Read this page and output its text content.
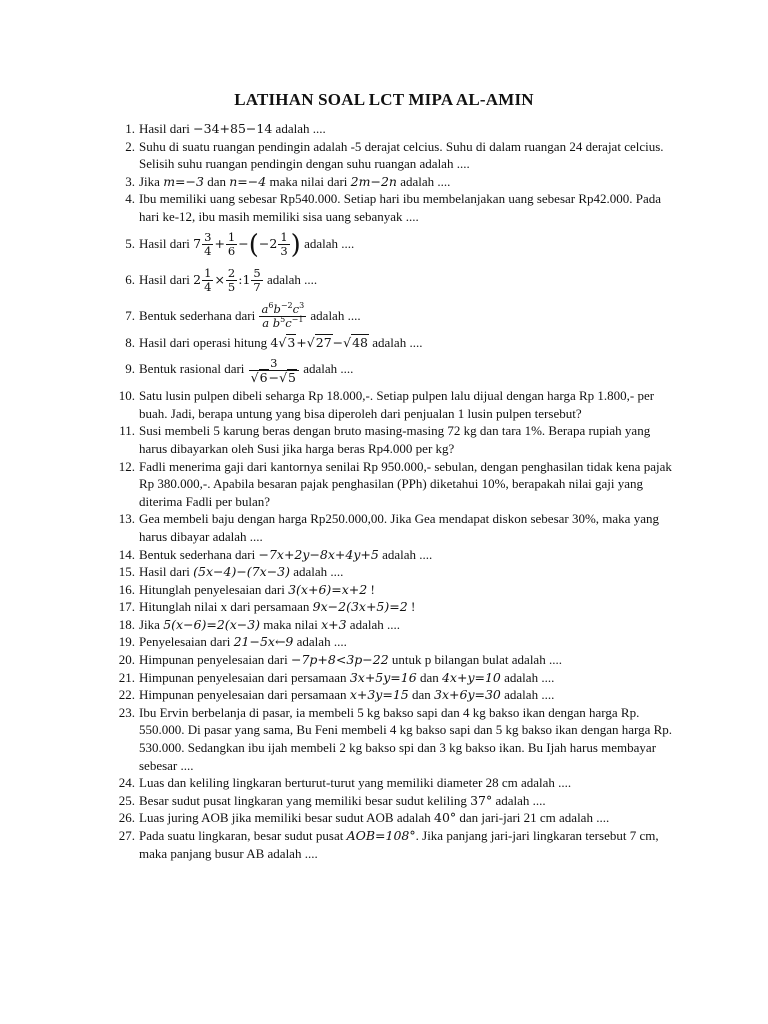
LATIHAN SOAL LCT MIPA AL-AMIN
1. Hasil dari −34+85−14 adalah ....
2. Suhu di suatu ruangan pendingin adalah -5 derajat celcius. Suhu di dalam ruangan 24 derajat celcius. Selisih suhu ruangan pendingin dengan suhu ruangan adalah ....
3. Jika m=−3 dan n=−4 maka nilai dari 2m−2n adalah ....
4. Ibu memiliki uang sebesar Rp540.000. Setiap hari ibu membelanjakan uang sebesar Rp42.000. Pada hari ke-12, ibu masih memiliki sisa uang sebanyak ....
5. Hasil dari $7 \frac{3}{4} + \frac{1}{6} -(-2 \frac{1}{3}$ ) adalah ....
6. Hasil dari $2 \frac{1}{4} \times \frac{2}{5}$ :1 $\frac{5}{7}$ adalah ....
7. Bentuk sederhana dari $\frac{a^6b^{-2}c^3}{a b^5c^{-1}}$ adalah ....
8. Hasil dari operasi hitung 4√3+√27−√48 adalah ....
9. Bentuk rasional dari $\frac{3}{√6-√5}$ adalah ....
10. Satu lusin pulpen dibeli seharga Rp 18.000,-. Setiap pulpen lalu dijual dengan harga Rp 1.800,- per buah. Jadi, berapa untung yang bisa diperoleh dari penjualan 1 lusin pulpen tersebut?
11. Susi membeli 5 karung beras dengan bruto masing-masing 72 kg dan tara 1%. Berapa rupiah yang harus dibayarkan oleh Susi jika harga beras Rp4.000 per kg?
12. Fadli menerima gaji dari kantornya senilai Rp 950.000,- sebulan, dengan penghasilan tidak kena pajak Rp 380.000,-. Apabila besaran pajak penghasilan (PPh) diketahui 10%, berapakah nilai gaji yang diterima Fadli per bulan?
13. Gea membeli baju dengan harga Rp250.000,00. Jika Gea mendapat diskon sebesar 30%, maka yang harus dibayar adalah ....
14. Bentuk sederhana dari −7x+2y−8x+4y+5 adalah ....
15. Hasil dari (5x−4)−(7x−3) adalah ....
16. Hitunglah penyelesaian dari 3(x+6)=x+2 !
17. Hitunglah nilai x dari persamaan 9x−2(3x+5)=2 !
18. Jika 5(x−6)=2(x−3) maka nilai x+3 adalah ....
19. Penyelesaian dari 21−5x←9 adalah ....
20. Himpunan penyelesaian dari −7p+8<3p−22 untuk p bilangan bulat adalah ....
21. Himpunan penyelesaian dari persamaan 3x+5y=16 dan 4x+y=10 adalah ....
22. Himpunan penyelesaian dari persamaan x+3y=15 dan 3x+6y=30 adalah ....
23. Ibu Ervin berbelanja di pasar, ia membeli 5 kg bakso sapi dan 4 kg bakso ikan dengan harga Rp. 550.000. Di pasar yang sama, Bu Feni membeli 4 kg bakso sapi dan 5 kg bakso ikan dengan harga Rp. 530.000. Sedangkan ibu ijah membeli 2 kg bakso spi dan 3 kg bakso ikan. Bu Ijah harus membayar sebesar ....
24. Luas dan keliling lingkaran berturut-turut yang memiliki diameter 28 cm adalah ....
25. Besar sudut pusat lingkaran yang memiliki besar sudut keliling 37° adalah ....
26. Luas juring AOB jika memiliki besar sudut AOB adalah 40° dan jari-jari 21 cm adalah ....
27. Pada suatu lingkaran, besar sudut pusat AOB=108°. Jika panjang jari-jari lingkaran tersebut 7 cm, maka panjang busur AB adalah ....
